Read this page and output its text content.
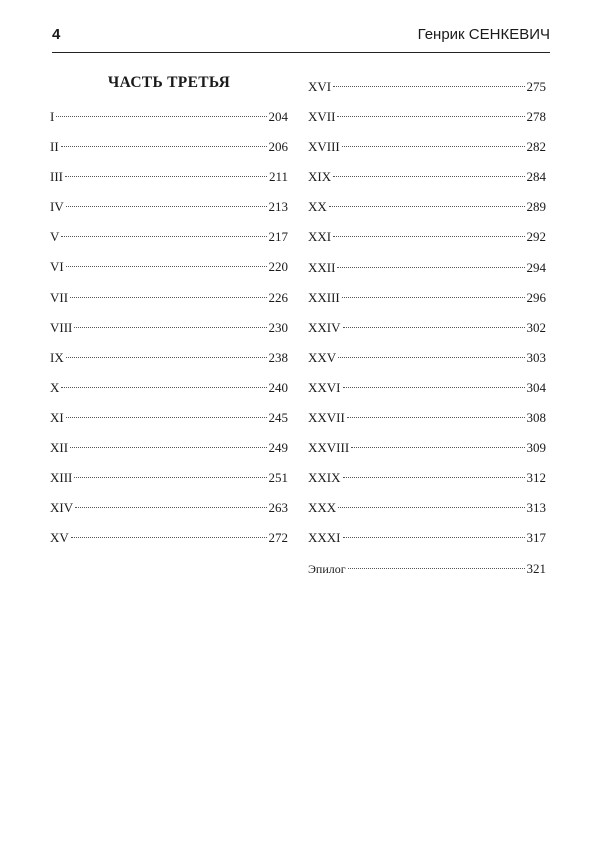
4	Генрик СЕНКЕВИЧ
ЧАСТЬ ТРЕТЬЯ
I	204
II	206
III	211
IV	213
V	217
VI	220
VII	226
VIII	230
IX	238
X	240
XI	245
XII	249
XIII	251
XIV	263
XV	272
XVI	275
XVII	278
XVIII	282
XIX	284
XX	289
XXI	292
XXII	294
XXIII	296
XXIV	302
XXV	303
XXVI	304
XXVII	308
XXVIII	309
XXIX	312
XXX	313
XXXI	317
Эпилог	321
